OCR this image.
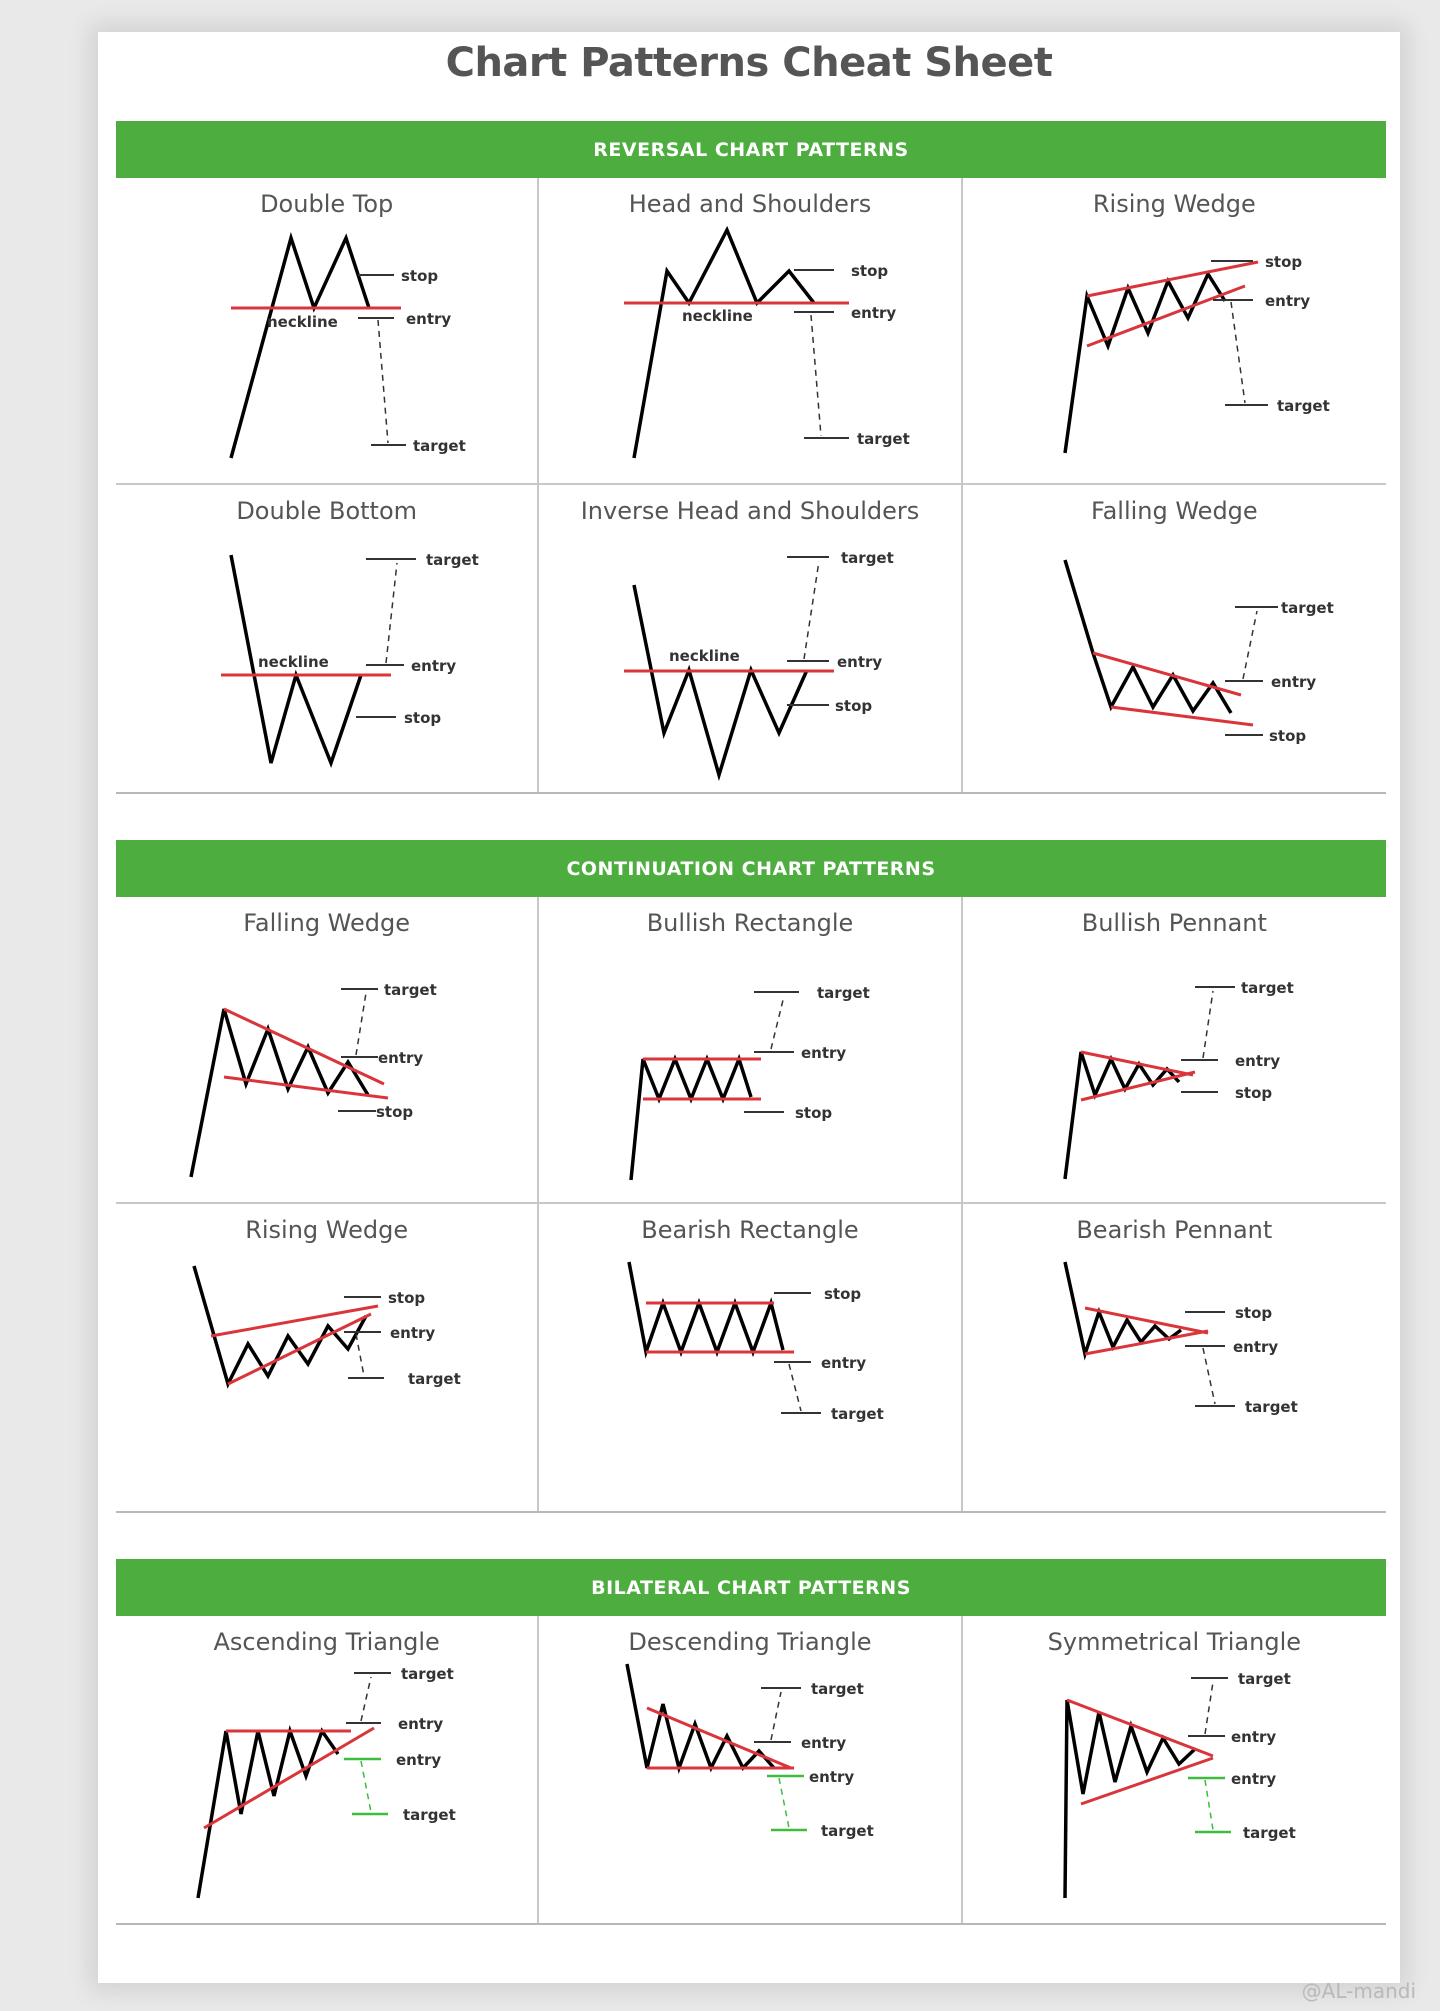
Chart Patterns Cheat Sheet
REVERSAL CHART PATTERNS
Double Top
neckline
stop
entry
target
Head and Shoulders
neckline
stop
entry
target
Rising Wedge
stop
entry
target
Double Bottom
neckline
target
entry
stop
Inverse Head and Shoulders
neckline
target
entry
stop
Falling Wedge
target
entry
stop
CONTINUATION CHART PATTERNS
Falling Wedge
target
entry
stop
Bullish Rectangle
target
entry
stop
Bullish Pennant
target
entry
stop
Rising Wedge
stop
entry
target
Bearish Rectangle
stop
entry
target
Bearish Pennant
stop
entry
target
BILATERAL CHART PATTERNS
Ascending Triangle
target
entry
entry
target
Descending Triangle
target
entry
entry
target
Symmetrical Triangle
target
entry
entry
target
@AL-mandi
